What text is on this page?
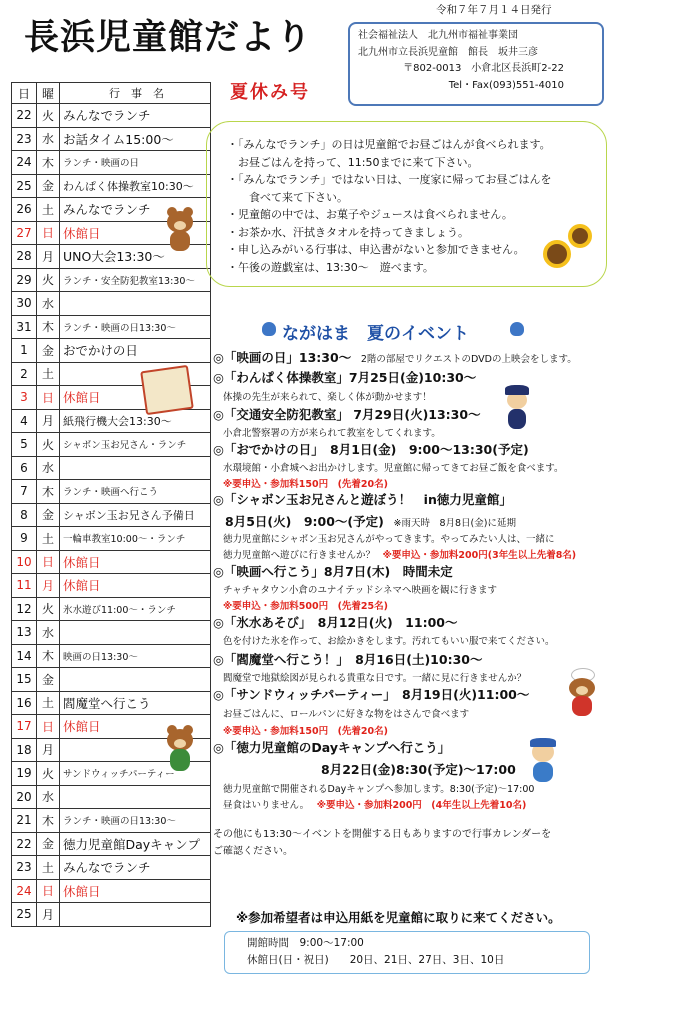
長浜児童館だより
令和７年７月１４日発行
社会福祉法人　北九州市福祉事業団
北九州市立長浜児童館　館長　坂井三彦
〒802-0013　小倉北区長浜町2-22
Tel・Fax(093)551-4010
夏休み号
日	曜	行　事　名
22	火	みんなでランチ
23	水	お話タイム15:00～
24	木	ランチ・映画の日
25	金	わんぱく体操教室10:30～
26	土	みんなでランチ
27	日	休館日
28	月	UNO大会13:30～
29	火	ランチ・安全防犯教室13:30～
30	水	
31	木	ランチ・映画の日13:30～
1	金	おでかけの日
2	土	
3	日	休館日
4	月	紙飛行機大会13:30～
5	火	シャボン玉お兄さん・ランチ
6	水	
7	木	ランチ・映画へ行こう
8	金	シャボン玉お兄さん予備日
9	土	一輪車教室10:00～・ランチ
10	日	休館日
11	月	休館日
12	火	氷水遊び11:00～・ランチ
13	水	
14	木	映画の日13:30～
15	金	
16	土	閻魔堂へ行こう
17	日	休館日
18	月	
19	火	サンドウィッチパーティー
20	水	
21	木	ランチ・映画の日13:30～
22	金	徳力児童館Dayキャンプ
23	土	みんなでランチ
24	日	休館日
25	月	
・「みんなでランチ」の日は児童館でお昼ごはんが食べられます。
お昼ごはんを持って、11:50までに来て下さい。
・「みんなでランチ」ではない日は、一度家に帰ってお昼ごはんを
食べて来て下さい。
・児童館の中では、お菓子やジュースは食べられません。
・お茶か水、汗拭きタオルを持ってきましょう。
・申し込みがいる行事は、申込書がないと参加できません。
・午後の遊戯室は、13:30～　遊べます。
ながはま　夏のイベント
◎「映画の日」13:30～ 2階の部屋でリクエストのDVDの上映会をします。
◎「わんぱく体操教室」7月25日(金)10:30～
体操の先生が来られて、楽しく体が動かせます！
◎「交通安全防犯教室」 7月29日(火)13:30～
小倉北警察署の方が来られて教室をしてくれます。
◎「おでかけの日」　8月1日(金)　9:00～13:30(予定)
水環境館・小倉城へお出かけします。児童館に帰ってきてお昼ご飯を食べます。
※要申込・参加料150円　(先着20名)
◎「シャボン玉お兄さんと遊ぼう！　in徳力児童館」
8月5日(火)　9:00～(予定) ※雨天時　8月8日(金)に延期
徳力児童館にシャボン玉お兄さんがやってきます。やってみたい人は、一緒に
徳力児童館へ遊びに行きませんか？ ※要申込・参加料200円(3年生以上先着8名)
◎「映画へ行こう」8月7日(木)　時間未定
チャチャタウン小倉のユナイテッドシネマへ映画を観に行きます
※要申込・参加料500円　(先着25名)
◎「氷水あそび」　8月12日(火)　11:00～
色を付けた氷を作って、お絵かきをします。汚れてもいい服で来てください。
◎「閻魔堂へ行こう！」　8月16日(土)10:30～
閻魔堂で地獄絵図が見られる貴重な日です。一緒に見に行きませんか？
◎「サンドウィッチパーティー」　8月19日(火)11:00～
お昼ごはんに、ロールパンに好きな物をはさんで食べます
※要申込・参加料150円　(先着20名)
◎「徳力児童館のDayキャンプへ行こう」
8月22日(金)8:30(予定)～17:00
徳力児童館で開催されるDayキャンプへ参加します。8:30(予定)～17:00
昼食はいりません。 ※要申込・参加料200円　(4年生以上先着10名)
その他にも13:30～イベントを開催する日もありますので行事カレンダーを
ご確認ください。
※参加希望者は申込用紙を児童館に取りに来てください。
開館時間　9:00～17:00
休館日(日・祝日)　　20日、21日、27日、3日、10日
